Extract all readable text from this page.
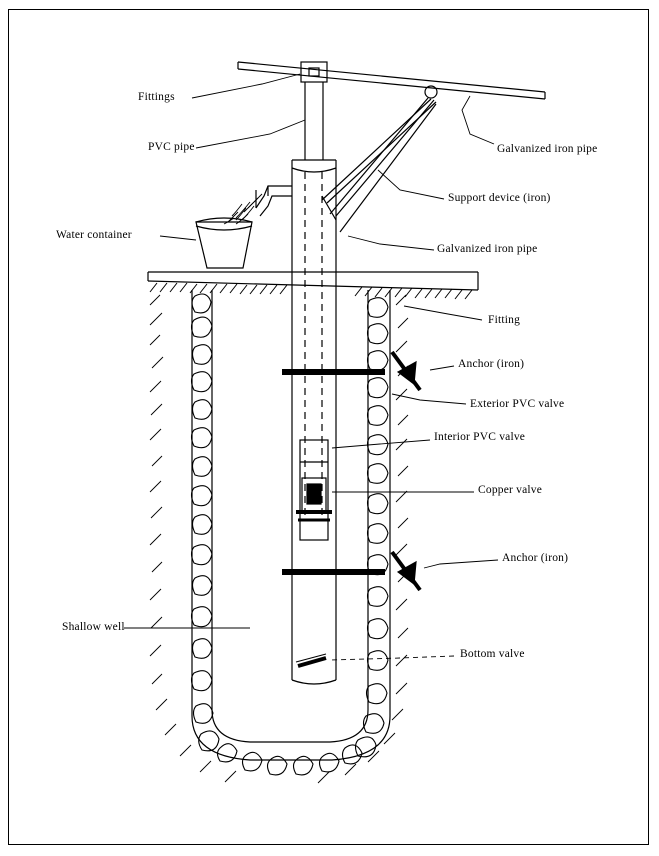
Fittings
PVC pipe
Water container
Galvanized iron pipe
Support device (iron)
Galvanized iron pipe
Fitting
Anchor (iron)
Exterior PVC valve
Interior PVC valve
Copper valve
Anchor (iron)
Shallow well
Bottom valve
